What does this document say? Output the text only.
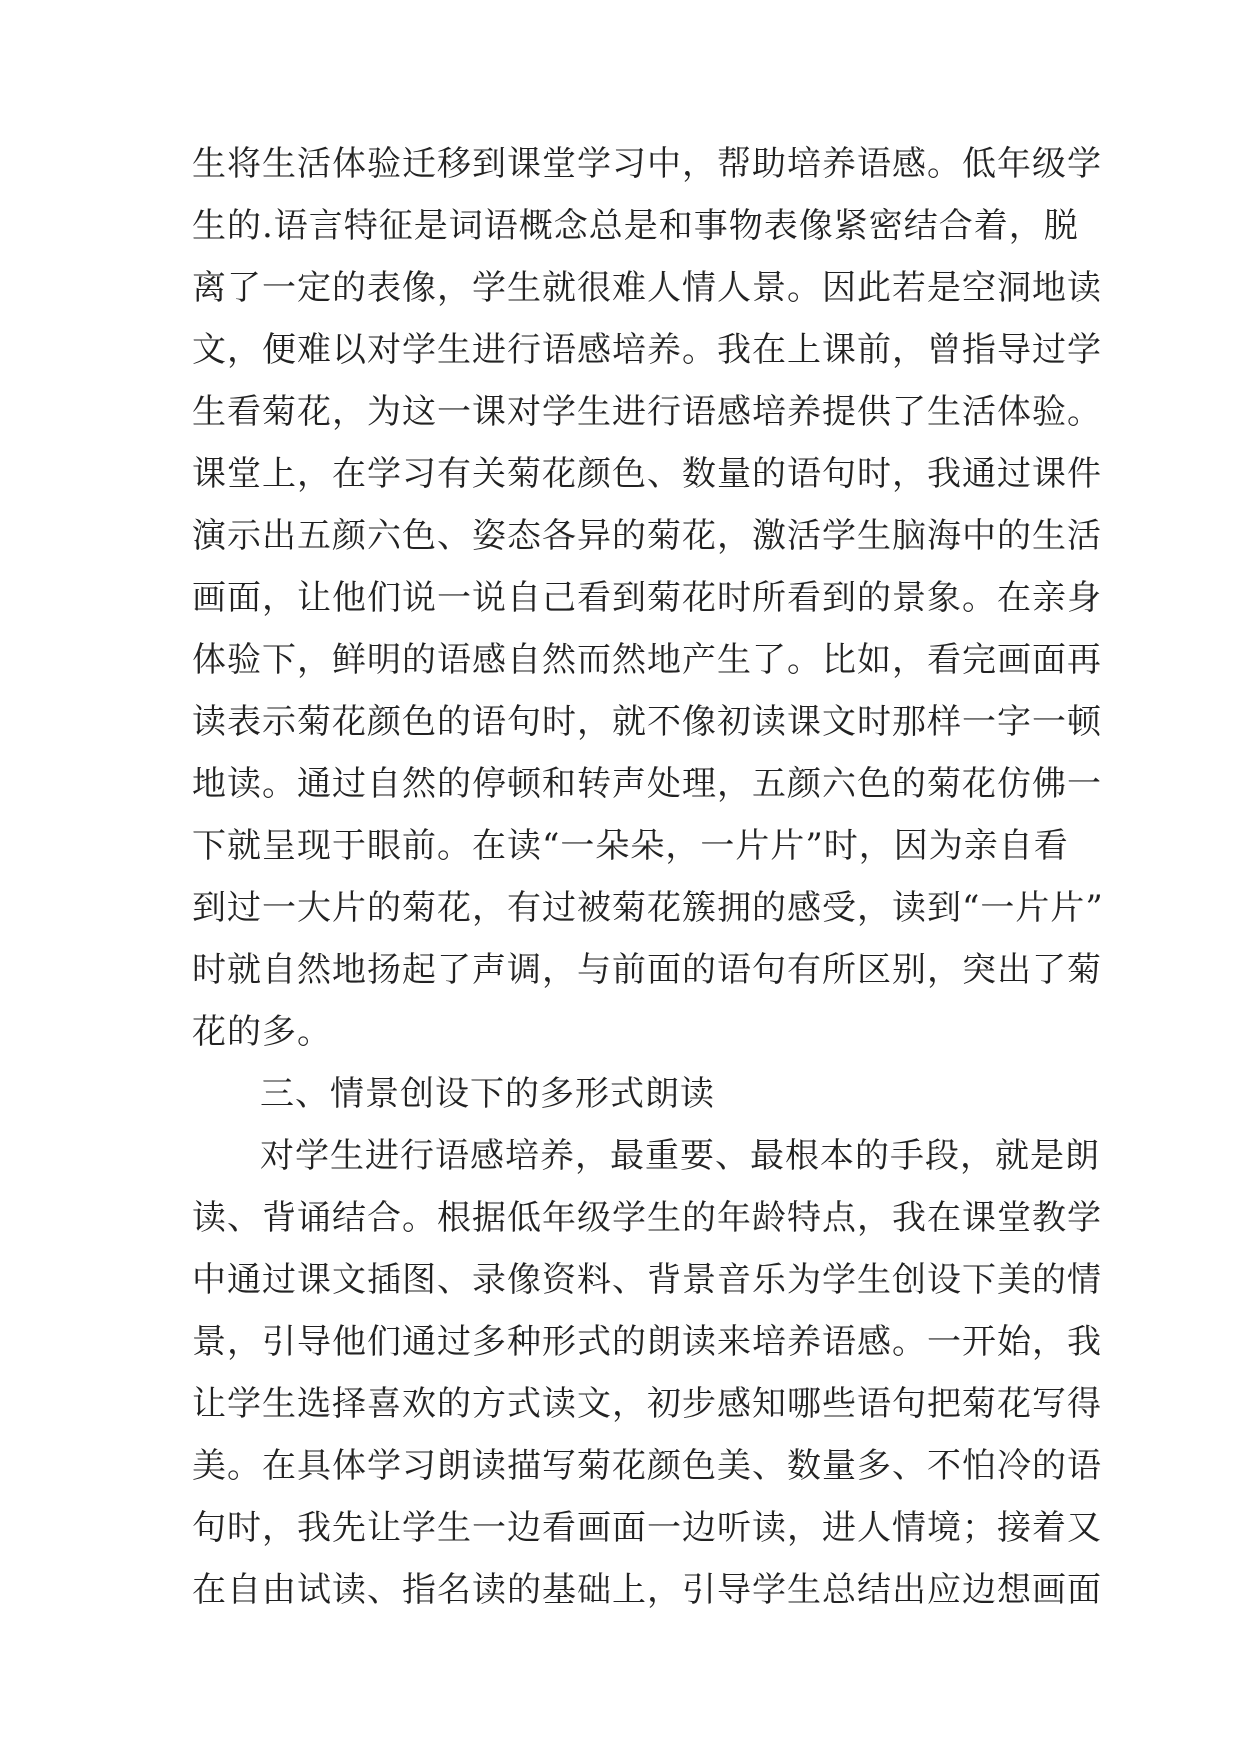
生将生活体验迁移到课堂学习中，帮助培养语感。低年级学
生的.语言特征是词语概念总是和事物表像紧密结合着，脱
离了一定的表像，学生就很难人情人景。因此若是空洞地读
文，便难以对学生进行语感培养。我在上课前，曾指导过学
生看菊花，为这一课对学生进行语感培养提供了生活体验。
课堂上，在学习有关菊花颜色、数量的语句时，我通过课件
演示出五颜六色、姿态各异的菊花，激活学生脑海中的生活
画面，让他们说一说自己看到菊花时所看到的景象。在亲身
体验下，鲜明的语感自然而然地产生了。比如，看完画面再
读表示菊花颜色的语句时，就不像初读课文时那样一字一顿
地读。通过自然的停顿和转声处理，五颜六色的菊花仿佛一
下就呈现于眼前。在读“一朵朵，一片片”时，因为亲自看
到过一大片的菊花，有过被菊花簇拥的感受，读到“一片片”
时就自然地扬起了声调，与前面的语句有所区别，突出了菊
花的多。
三、情景创设下的多形式朗读
对学生进行语感培养，最重要、最根本的手段，就是朗
读、背诵结合。根据低年级学生的年龄特点，我在课堂教学
中通过课文插图、录像资料、背景音乐为学生创设下美的情
景，引导他们通过多种形式的朗读来培养语感。一开始，我
让学生选择喜欢的方式读文，初步感知哪些语句把菊花写得
美。在具体学习朗读描写菊花颜色美、数量多、不怕冷的语
句时，我先让学生一边看画面一边听读，进人情境；接着又
在自由试读、指名读的基础上，引导学生总结出应边想画面
